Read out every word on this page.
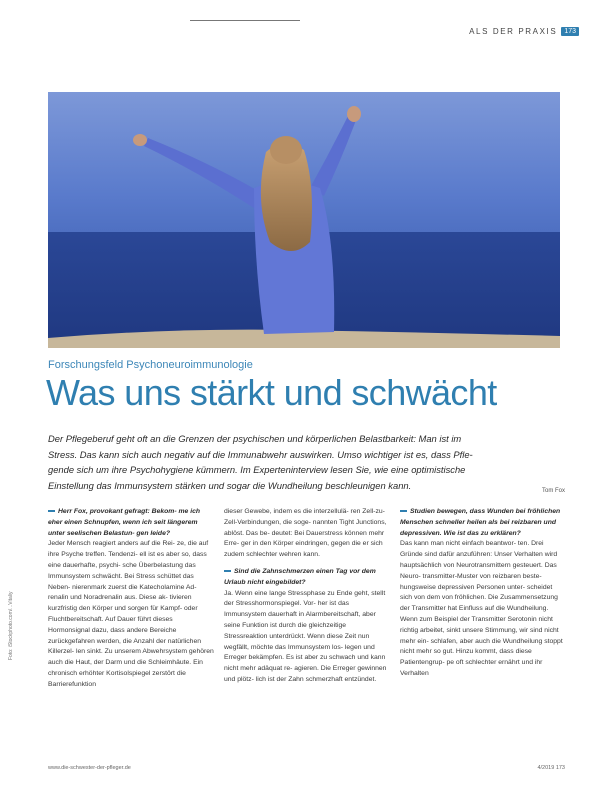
ALS DER PRAXIS	173
Foto: iStockphoto.com/...Vitaliy
Forschungsfeld Psychoneuroimmunologie
Was uns stärkt und schwächt

Der Pflegeberuf geht oft an die Grenzen der psychischen und körperlichen Belastbarkeit: Man ist im

Stress. Das kann sich auch negativ auf die Immunabwehr auswirken. Umso wichtiger ist es, dass Pfle-

gende sich um ihre Psychohygiene kümmern. Im Experteninterview lesen Sie, wie eine optimistische

Einstellung das Immunsystem stärken und sogar die Wundheilung beschleunigen kann.

Tom Fox

Herr Fox, provokant gefragt: Bekom- me ich eher einen Schnupfen, wenn ich seit längerem unter seelischen Belastun- gen leide?

Jeder Mensch reagiert anders auf die Rei- ze, die auf ihre Psyche treffen. Tendenzi- ell ist es aber so, dass eine dauerhafte, psychi- sche Überbelastung das Immunsystem schwächt. Bei Stress schüttet das Neben- nierenmark zuerst die Katecholamine Ad- renalin und Noradrenalin aus. Diese ak- tivieren kurzfristig den Körper und sorgen für Kampf- oder Fluchtbereitschaft. Auf Dauer führt dieses Hormonsignal dazu, dass andere Bereiche zurückgefahren werden, die Anzahl der natürlichen Killerzel- len sinkt. Zu unserem Abwehrsystem gehören auch die Haut, der Darm und die Schleimhäute. Ein chronisch erhöhter Kortisolspiegel zerstört die Barrierefunktion

dieser Gewebe, indem es die interzellulä- ren Zell-zu-Zell-Verbindungen, die soge- nannten Tight Junctions, ablöst. Das be- deutet: Bei Dauerstress können mehr Erre- ger in den Körper eindringen, gegen die er sich zudem schlechter wehren kann.

Sind die Zahnschmerzen einen Tag vor dem Urlaub nicht eingebildet?

Ja. Wenn eine lange Stressphase zu Ende geht, stellt der Stresshormonspiegel. Vor- her ist das Immunsystem dauerhaft in Alarmbereitschaft, aber seine Funktion ist durch die gleichzeitige Stressreaktion unterdrückt. Wenn diese Zeit nun wegfällt, möchte das Immunsystem los- legen und Erreger bekämpfen. Es ist aber zu schwach und kann nicht mehr adäquat re- agieren. Die Erreger gewinnen und plötz- lich ist der Zahn schmerzhaft entzündet.

Studien bewegen, dass Wunden bei fröhlichen Menschen schneller heilen als bei reizbaren und depressiven. Wie ist das zu erklären?

Das kann man nicht einfach beantwor- ten. Drei Gründe sind dafür anzuführen: Unser Verhalten wird hauptsächlich von Neurotransmittern gesteuert. Das Neuro- transmitter-Muster von reizbaren beste- hungsweise depressiven Personen unter- scheidet sich von dem von fröhlichen. Die Zusammensetzung der Transmitter hat Einfluss auf die Wundheilung. Wenn zum Beispiel der Transmitter Serotonin nicht richtig arbeitet, sinkt unsere Stimmung, wir sind nicht mehr ein- schlafen, aber auch die Wundheilung stoppt nicht mehr so gut. Hinzu kommt, dass diese Patientengrup- pe oft schlechter ernährt und ihr Verhalten

www.die-schwester-der-pfleger.de	4/2019 173
